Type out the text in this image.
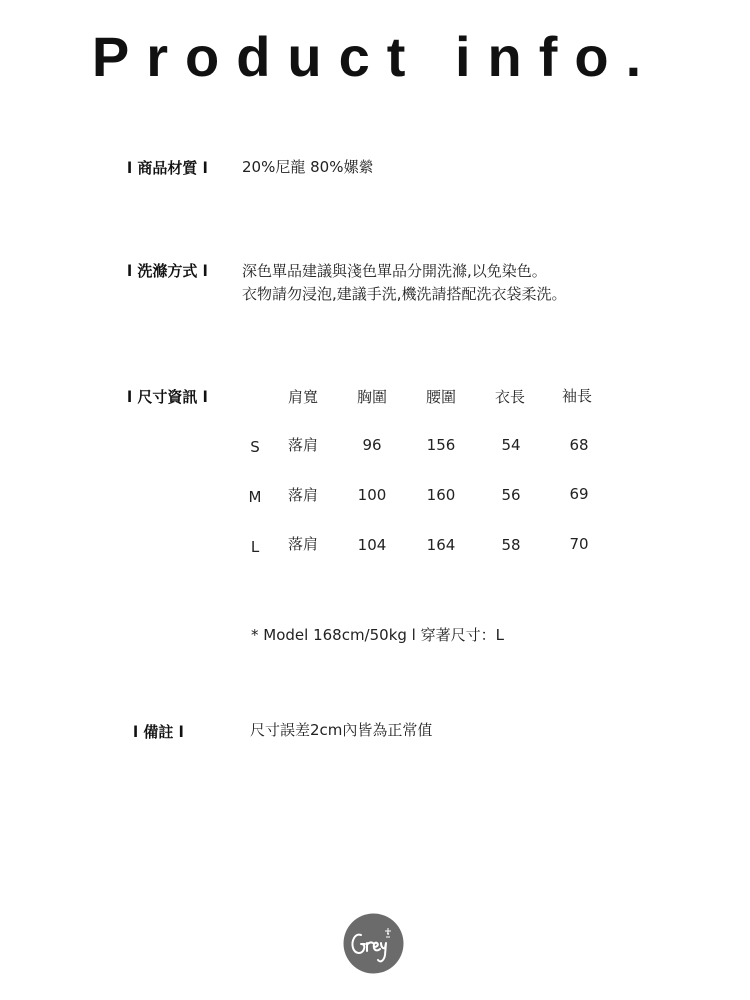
Product info.
l 商品材質 l 20%尼龍 80%嫘縈
l 洗滌方式 l 深色單品建議與淺色單品分開洗滌,以免染色。
衣物請勿浸泡,建議手洗,機洗請搭配洗衣袋柔洗。
l 尺寸資訊 l	肩寬	胸圍	腰圍	衣長 袖長
S 落肩	96	156	54	68
M 落肩	100	160	56	69
L 落肩	104	164	58	70
* Model 168cm/50kg l 穿著尺寸：L
l 備註 l	尺寸誤差2cm內皆為正常值
